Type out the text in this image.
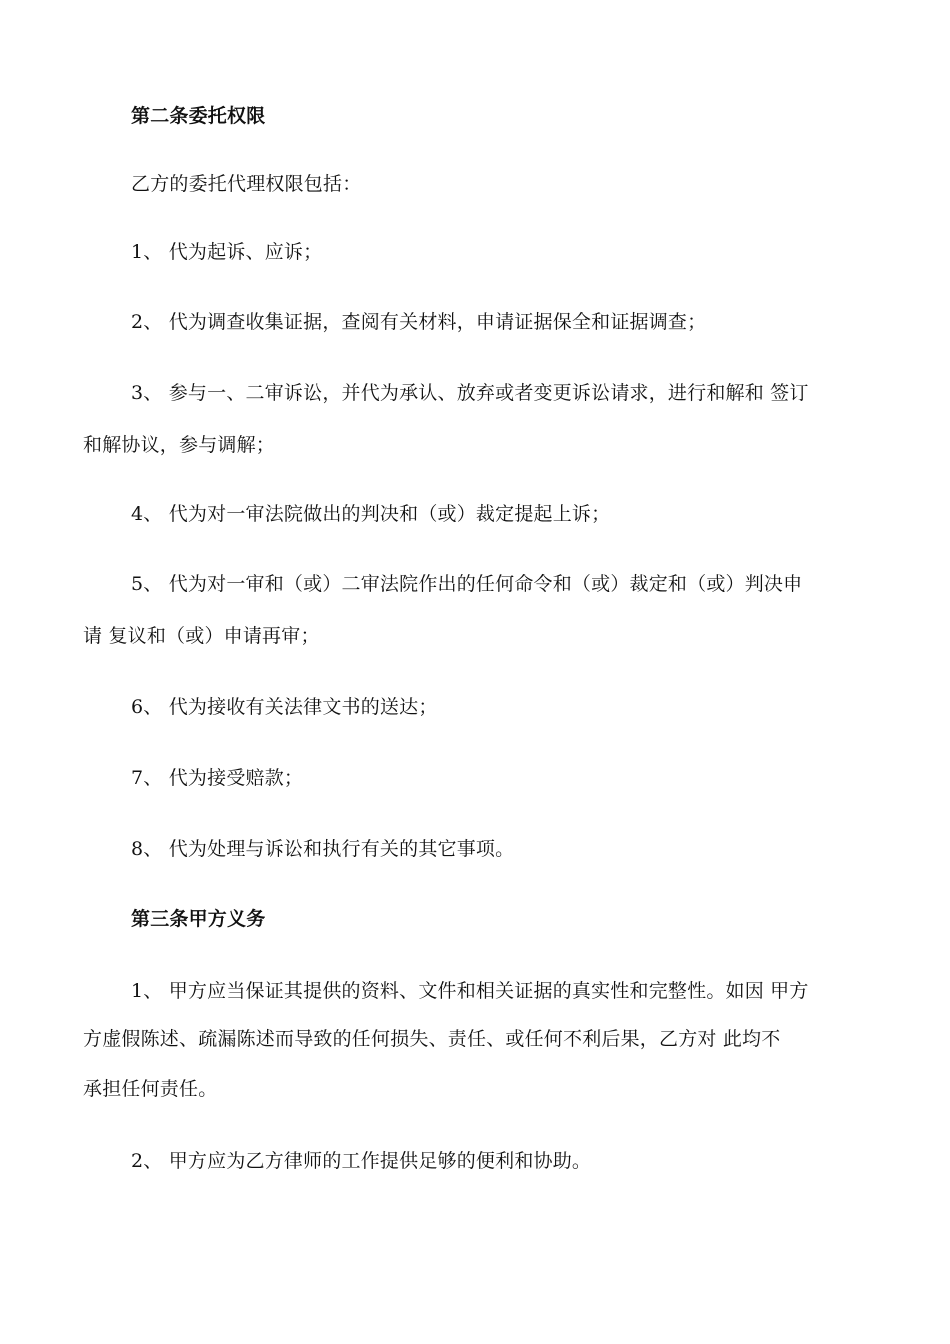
第二条委托权限

乙方的委托代理权限包括：

1、 代为起诉、应诉；

2、 代为调查收集证据，查阅有关材料，申请证据保全和证据调查；

3、 参与一、二审诉讼，并代为承认、放弃或者变更诉讼请求，进行和解和 签订

和解协议，参与调解；

4、 代为对一审法院做出的判决和（或）裁定提起上诉；

5、 代为对一审和（或）二审法院作出的任何命令和（或）裁定和（或）判决申

请 复议和（或）申请再审；

6、 代为接收有关法律文书的送达；

7、 代为接受赔款；

8、 代为处理与诉讼和执行有关的其它事项。

第三条甲方义务

1、 甲方应当保证其提供的资料、文件和相关证据的真实性和完整性。如因 甲方

方虚假陈述、疏漏陈述而导致的任何损失、责任、或任何不利后果，乙方对 此均不

承担任何责任。

2、 甲方应为乙方律师的工作提供足够的便利和协助。
